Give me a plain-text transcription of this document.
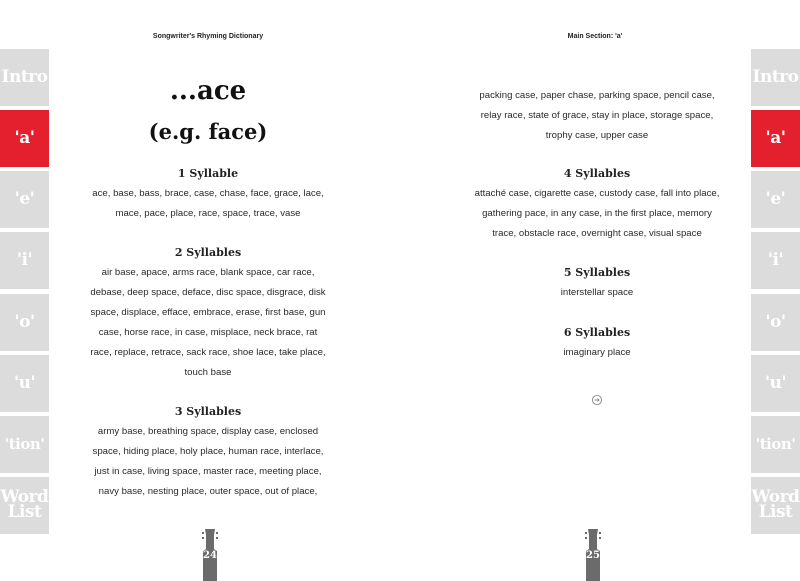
Songwriter's Rhyming Dictionary	Main Section: 'a'
Intro
'a'
'e'
'i'
'o'
'u'
'tion'
Word
List
Intro
'a'
'e'
'i'
'o'
'u'
'tion'
Word
List
...ace
(e.g. face)
1 Syllable
ace, base, bass, brace, case, chase, face, grace, lace,
mace, pace, place, race, space, trace, vase
2 Syllables
air base, apace, arms race, blank space, car race,
debase, deep space, deface, disc space, disgrace, disk
space, displace, efface, embrace, erase, first base, gun
case, horse race, in case, misplace, neck brace, rat
race, replace, retrace, sack race, shoe lace, take place,
touch base
3 Syllables
army base, breathing space, display case, enclosed
space, hiding place, holy place, human race, interlace,
just in case, living space, master race, meeting place,
navy base, nesting place, outer space, out of place,
packing case, paper chase, parking space, pencil case,
relay race, state of grace, stay in place, storage space,
trophy case, upper case
4 Syllables
attaché case, cigarette case, custody case, fall into place,
gathering pace, in any case, in the first place, memory
trace, obstacle race, overnight case, visual space
5 Syllables
interstellar space
6 Syllables
imaginary place
24	25
